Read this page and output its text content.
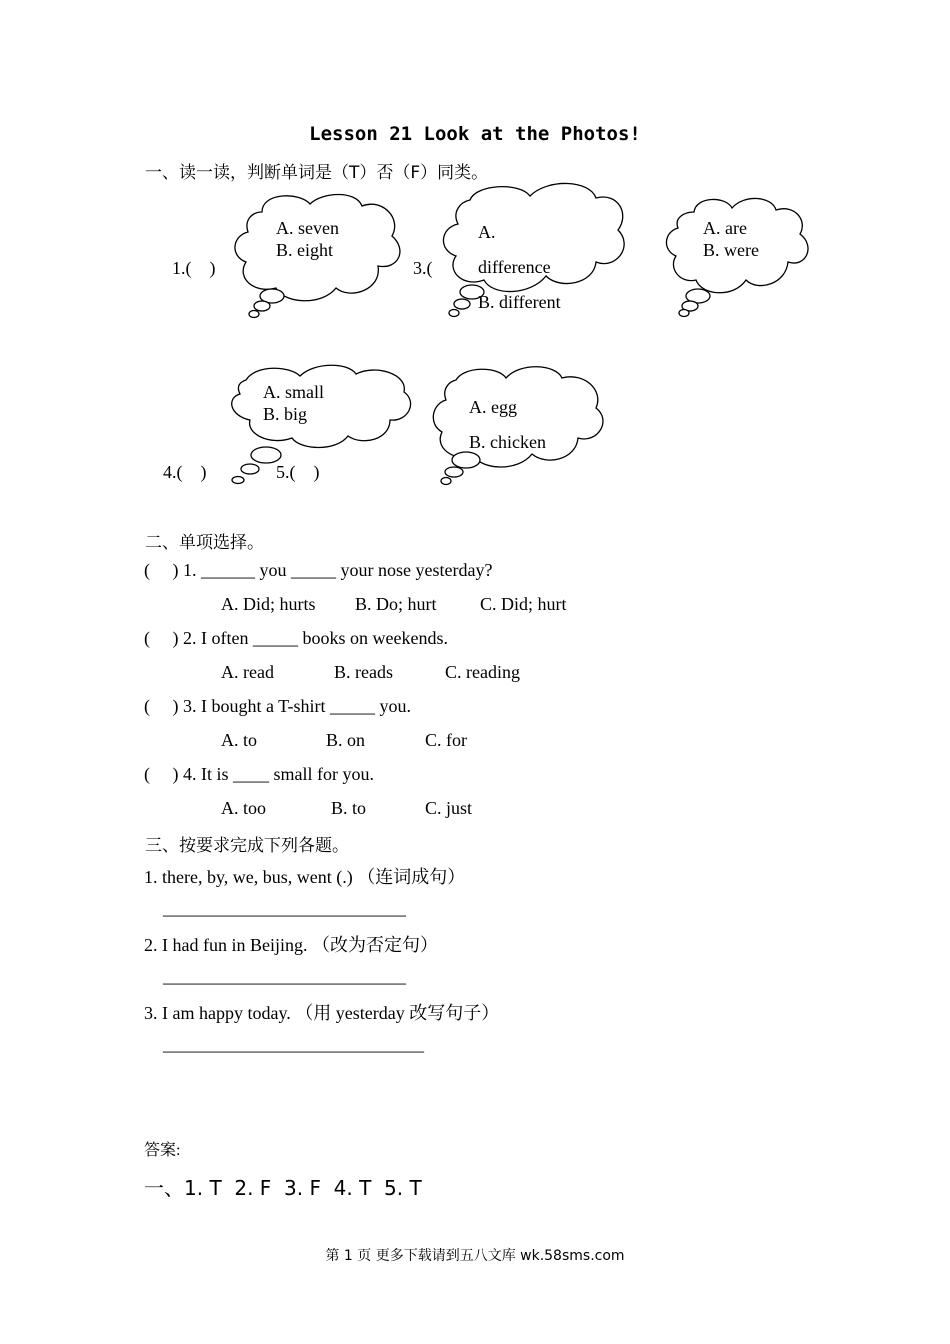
Lesson 21 Look at the Photos!
一、读一读，判断单词是（T）否（F）同类。
A. seven
B. eight
1.(    )
A.
difference
B. different
3.(
A. are
B. were
A. small
B. big
4.(    )
A. egg
B. chicken
5.(    )
二、单项选择。
(     ) 1. ______ you _____ your nose yesterday?
A. Did; hurts B. Do; hurt C. Did; hurt
(     ) 2. I often _____ books on weekends.
A. read	B. reads	C. reading
(     ) 3. I bought a T-shirt _____ you.
A. to	B. on	C. for
(     ) 4. It is ____ small for you.
A. too	B. to	C. just
三、按要求完成下列各题。
1. there, by, we, bus, went (.) （连词成句）
___________________________
2. I had fun in Beijing. （改为否定句）
___________________________
3. I am happy today. （用 yesterday 改写句子）
_____________________________
答案:
一、1. T  2. F  3. F  4. T  5. T
第 1 页 更多下载请到五八文库 wk.58sms.com
